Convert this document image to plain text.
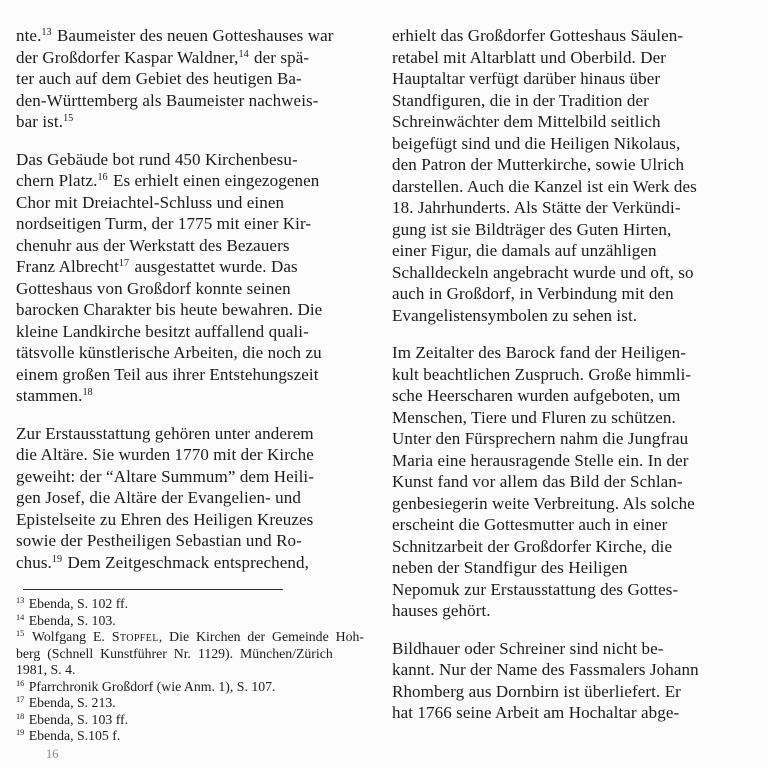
nte.$^{13}$ Baumeister des neuen Gotteshauses war
der Großdorfer Kaspar Waldner,$^{14}$ der spä-
ter auch auf dem Gebiet des heutigen Ba-
den-Württemberg als Baumeister nachweis-
bar ist.$^{15}$
Das Gebäude bot rund 450 Kirchenbesu-
chern Platz.$^{16}$ Es erhielt einen eingezogenen
Chor mit Dreiachtel-Schluss und einen
nordseitigen Turm, der 1775 mit einer Kir-
chenuhr aus der Werkstatt des Bezauers
Franz Albrecht$^{17}$ ausgestattet wurde. Das
Gotteshaus von Großdorf konnte seinen
barocken Charakter bis heute bewahren. Die
kleine Landkirche besitzt auffallend quali-
tätsvolle künstlerische Arbeiten, die noch zu
einem großen Teil aus ihrer Entstehungszeit
stammen.$^{18}$
Zur Erstausstattung gehören unter anderem
die Altäre. Sie wurden 1770 mit der Kirche
geweiht: der “Altare Summum” dem Heili-
gen Josef, die Altäre der Evangelien- und
Epistelseite zu Ehren des Heiligen Kreuzes
sowie der Pestheiligen Sebastian und Ro-
chus.$^{19}$ Dem Zeitgeschmack entsprechend,
$^{13}$ Ebenda, S. 102 ff.
$^{14}$ Ebenda, S. 103.
$^{15}$ Wolfgang E. Stopfel, Die Kirchen der Gemeinde Hoh-
berg (Schnell Kunstführer Nr. 1129). München/Zürich
1981, S. 4.
$^{16}$ Pfarrchronik Großdorf (wie Anm. 1), S. 107.
$^{17}$ Ebenda, S. 213.
$^{18}$ Ebenda, S. 103 ff.
$^{19}$ Ebenda, S.105 f.
16
erhielt das Großdorfer Gotteshaus Säulen-
retabel mit Altarblatt und Oberbild. Der
Hauptaltar verfügt darüber hinaus über
Standfiguren, die in der Tradition der
Schreinwächter dem Mittelbild seitlich
beigefügt sind und die Heiligen Nikolaus,
den Patron der Mutterkirche, sowie Ulrich
darstellen. Auch die Kanzel ist ein Werk des
18. Jahrhunderts. Als Stätte der Verkündi-
gung ist sie Bildträger des Guten Hirten,
einer Figur, die damals auf unzähligen
Schalldeckeln angebracht wurde und oft, so
auch in Großdorf, in Verbindung mit den
Evangelistensymbolen zu sehen ist.
Im Zeitalter des Barock fand der Heiligen-
kult beachtlichen Zuspruch. Große himmli-
sche Heerscharen wurden aufgeboten, um
Menschen, Tiere und Fluren zu schützen.
Unter den Fürsprechern nahm die Jungfrau
Maria eine herausragende Stelle ein. In der
Kunst fand vor allem das Bild der Schlan-
genbesiegerin weite Verbreitung. Als solche
erscheint die Gottesmutter auch in einer
Schnitzarbeit der Großdorfer Kirche, die
neben der Standfigur des Heiligen
Nepomuk zur Erstausstattung des Gottes-
hauses gehört.
Bildhauer oder Schreiner sind nicht be-
kannt. Nur der Name des Fassmalers Johann
Rhomberg aus Dornbirn ist überliefert. Er
hat 1766 seine Arbeit am Hochaltar abge-
